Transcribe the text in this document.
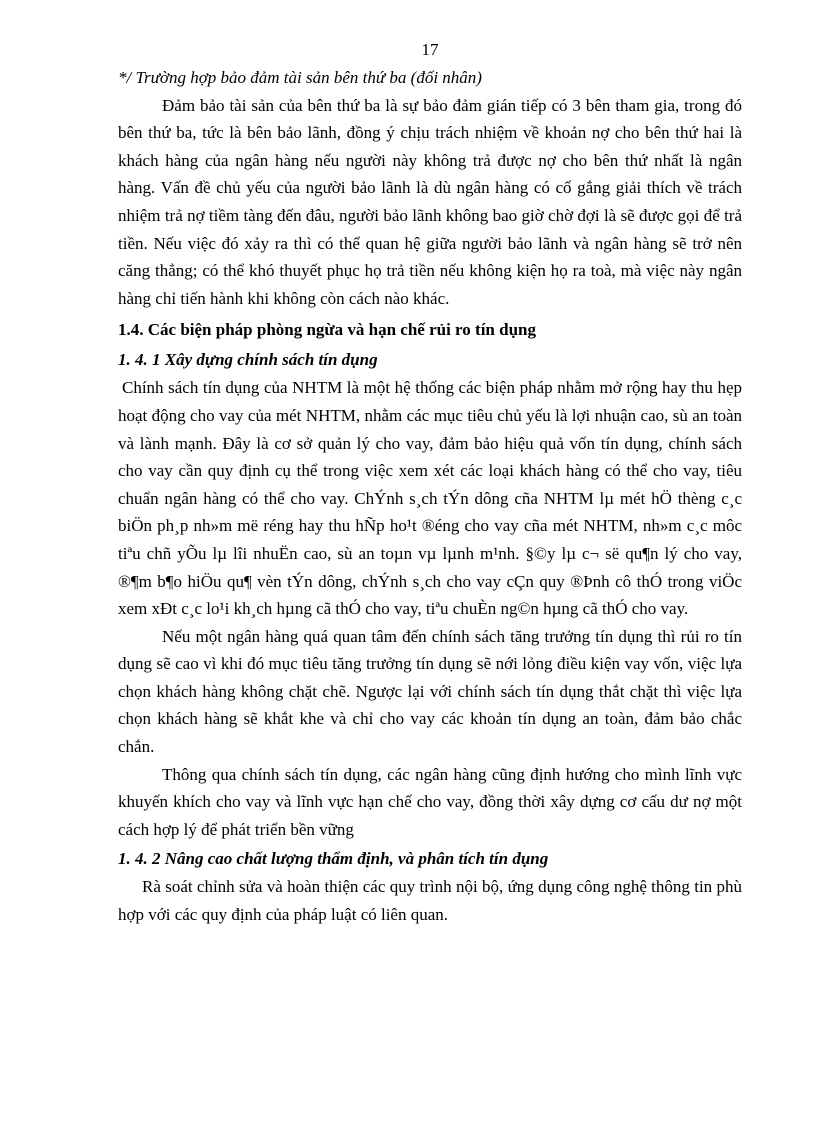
17

*/ Trường hợp bảo đảm tài sản bên thứ ba (đối nhân)

Đảm bảo tài sản của bên thứ ba là sự bảo đảm gián tiếp có 3 bên tham gia, trong đó bên thứ ba, tức là bên bảo lãnh, đồng ý chịu trách nhiệm về khoản nợ cho bên thứ hai là khách hàng của ngân hàng nếu người này không trả được nợ cho bên thứ nhất là ngân hàng. Vấn đề chủ yếu của người bảo lãnh là dù ngân hàng có cố gắng giải thích về trách nhiệm trả nợ tiềm tàng đến đâu, người bảo lãnh không bao giờ chờ đợi là sẽ được gọi để trả tiền. Nếu việc đó xảy ra thì có thể quan hệ giữa người bảo lãnh và ngân hàng sẽ trở nên căng thẳng; có thể khó thuyết phục họ trả tiền nếu không kiện họ ra toà, mà việc này ngân hàng chỉ tiến hành khi không còn cách nào khác.

1.4. Các biện pháp phòng ngừa và hạn chế rủi ro tín dụng
1. 4. 1 Xây dựng chính sách tín dụng

Chính sách tín dụng của NHTM là một hệ thống các biện pháp nhằm mở rộng hay thu hẹp hoạt động cho vay của mét NHTM, nhằm các mục tiêu chủ yếu là lợi nhuận cao, sù an toàn và lành mạnh. Đây là cơ sở quản lý cho vay, đảm bảo hiệu quả vốn tín dụng, chính sách cho vay cần quy định cụ thể trong việc xem xét các loại khách hàng có thể cho vay, tiêu chuẩn ngân hàng có thể cho vay. ChÝnh s¸ch tÝn dông cña NHTM lµ mét hÖ thèng c¸c biÖn ph¸p nh»m më réng hay thu hÑp ho¹t ®éng cho vay cña mét NHTM, nh»m c¸c môc tiªu chñ yÕu lµ lîi nhuËn cao, sù an toµn vµ lµnh m¹nh. §©y lµ c¬ së qu¶n lý cho vay, ®¶m b¶o hiÖu qu¶ vèn tÝn dông, chÝnh s¸ch cho vay cÇn quy ®Þnh cô thÓ trong viÖc xem xÐt c¸c lo¹i kh¸ch hµng cã thÓ cho vay, tiªu chuÈn ng©n hµng cã thÓ cho vay.

Nếu một ngân hàng quá quan tâm đến chính sách tăng trưởng tín dụng thì rủi ro tín dụng sẽ cao vì khi đó mục tiêu tăng trưởng tín dụng sẽ nới lỏng điều kiện vay vốn, việc lựa chọn khách hàng không chặt chẽ. Ngược lại với chính sách tín dụng thắt chặt thì việc lựa chọn khách hàng sẽ khắt khe và chỉ cho vay các khoản tín dụng an toàn, đảm bảo chắc chắn.

Thông qua chính sách tín dụng, các ngân hàng cũng định hướng cho mình lĩnh vực khuyến khích cho vay và lĩnh vực hạn chế cho vay, đồng thời xây dựng cơ cấu dư nợ một cách hợp lý để phát triển bền vững

1. 4. 2 Nâng cao chất lượng thẩm định, và phân tích tín dụng

Rà soát chỉnh sửa và hoàn thiện các quy trình nội bộ, ứng dụng công nghệ thông tin phù hợp với các quy định của pháp luật có liên quan.
